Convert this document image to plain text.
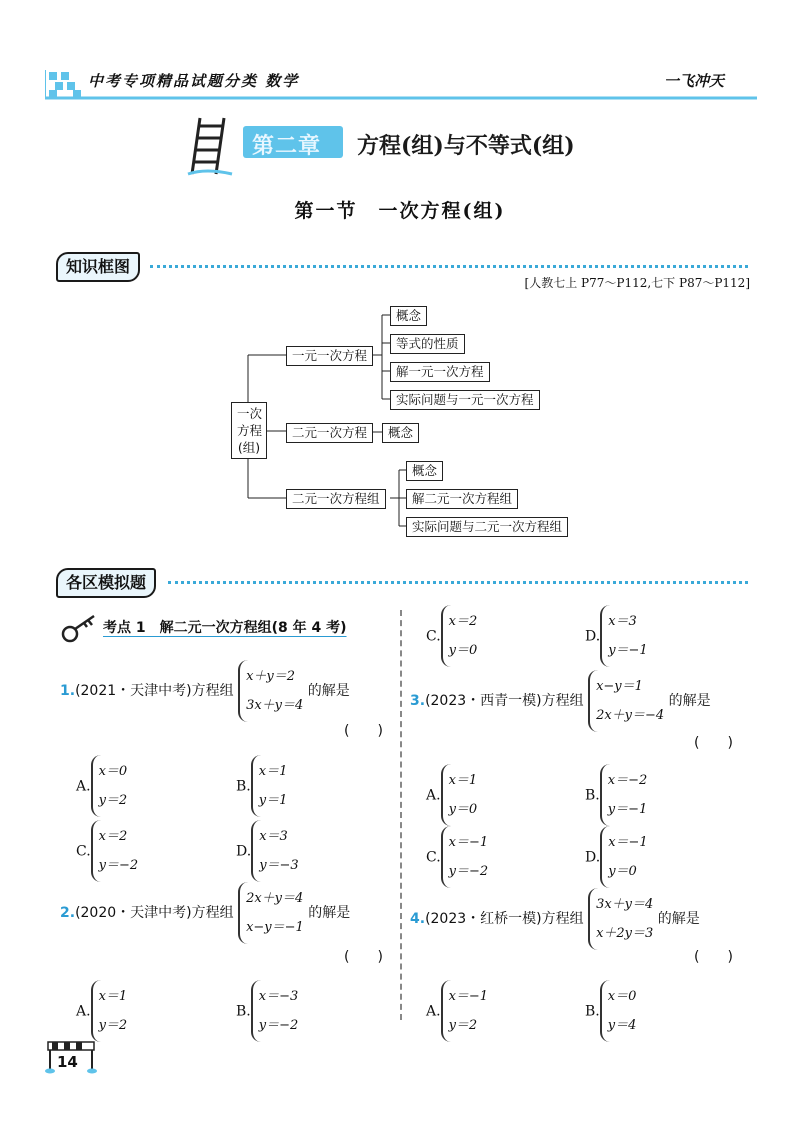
中考专项精品试题分类 数学	一飞冲天
第二章 方程(组)与不等式(组)
第一节　一次方程(组)
知识框图
[人教七上 P77～P112,七下 P87～P112]
一次
方程
(组)
一元一次方程
概念
等式的性质
解一元一次方程
实际问题与一元一次方程
二元一次方程	概念
二元一次方程组
概念
解二元一次方程组
实际问题与二元一次方程组
各区模拟题
考点 1　解二元一次方程组(8 年 4 考)
1.(2021・天津中考)方程组
x＋y＝2
3x＋y＝4
的解是
(　　)
A.
x＝0
y＝2
B.
x＝1
y＝1
C.
x＝2
y＝−2
D.
x＝3
y＝−3
2.(2020・天津中考)方程组
2x＋y＝4
x−y＝−1
的解是
(　　)
A.
x＝1
y＝2
B.
x＝−3
y＝−2
C.
x＝2
y＝0
D.
x＝3
y＝−1
3.(2023・西青一模)方程组
x−y＝1
2x＋y＝−4
的解是
(　　)
A.
x＝1
y＝0
B.
x＝−2
y＝−1
C.
x＝−1
y＝−2
D.
x＝−1
y＝0
4.(2023・红桥一模)方程组
3x＋y＝4
x＋2y＝3
的解是
(　　)
A.
x＝−1
y＝2
B.
x＝0
y＝4
14
